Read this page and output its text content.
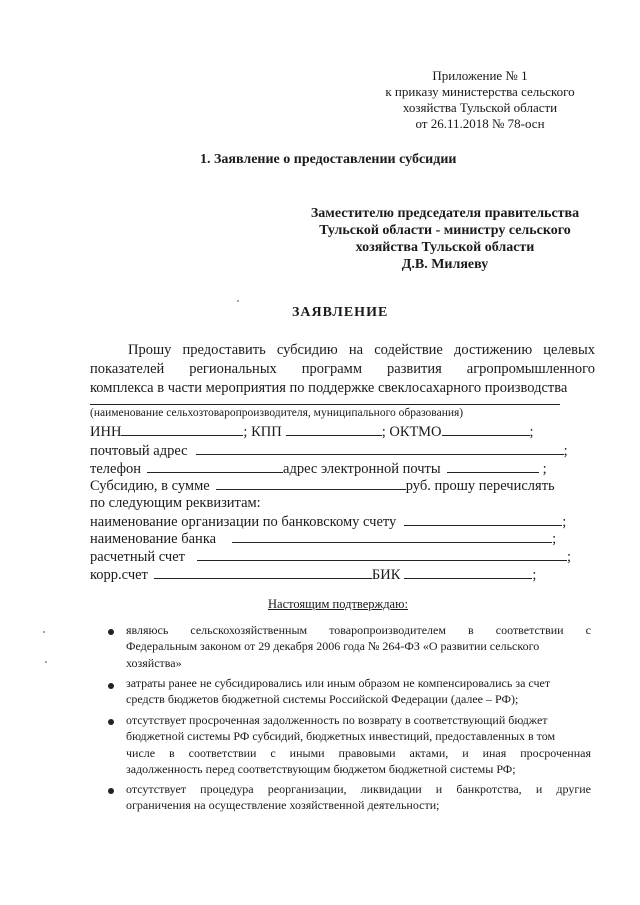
Приложение № 1
к приказу министерства сельского
хозяйства Тульской области
от 26.11.2018 № 78-осн
1. Заявление о предоставлении субсидии
Заместителю председателя правительства
Тульской области - министру сельского
хозяйства Тульской области
Д.В. Миляеву
ЗАЯВЛЕНИЕ
Прошу предоставить субсидию на содействие достижению целевых
показателей региональных программ развития агропромышленного
комплекса в части мероприятия по поддержке свеклосахарного производства
(наименование сельхозтоваропроизводителя, муниципального образования)
ИНН	; КПП	; ОКТМО	;
почтовый адрес	;
телефон	адрес электронной почты	;
Субсидию, в сумме	руб. прошу перечислять
по следующим реквизитам:
наименование организации по банковскому счету	;
наименование банка	;
расчетный счет	;
корр.счет	БИК	;
Настоящим подтверждаю:
являюсь сельскохозяйственным товаропроизводителем в соответствии с
Федеральным законом от 29 декабря 2006 года № 264-ФЗ «О развитии сельского
хозяйства»
затраты ранее не субсидировались или иным образом не компенсировались за счет
средств бюджетов бюджетной системы Российской Федерации (далее – РФ);
отсутствует просроченная задолженность по возврату в соответствующий бюджет
бюджетной системы РФ субсидий, бюджетных инвестиций, предоставленных в том
числе в соответствии с иными правовыми актами, и иная просроченная
задолженность перед соответствующим бюджетом бюджетной системы РФ;
отсутствует процедура реорганизации, ликвидации и банкротства, и другие
ограничения на осуществление хозяйственной деятельности;
